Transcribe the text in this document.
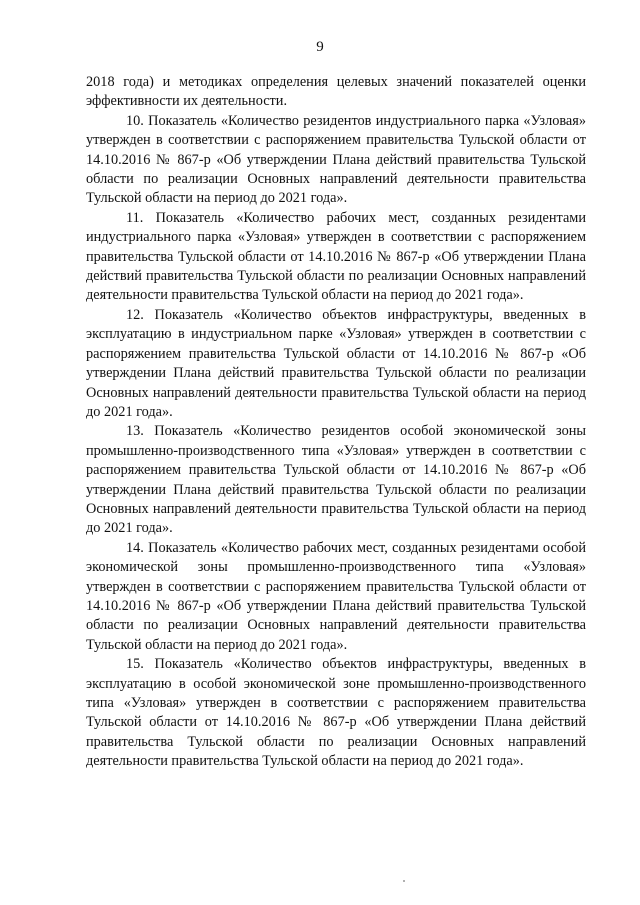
9

2018 года) и методиках определения целевых значений показателей оценки эффективности их деятельности.

10. Показатель «Количество резидентов индустриального парка «Узловая» утвержден в соответствии с распоряжением правительства Тульской области от 14.10.2016 № 867-р «Об утверждении Плана действий правительства Тульской области по реализации Основных направлений деятельности правительства Тульской области на период до 2021 года».

11. Показатель «Количество рабочих мест, созданных резидентами индустриального парка «Узловая» утвержден в соответствии с распоряжением правительства Тульской области от 14.10.2016 № 867-р «Об утверждении Плана действий правительства Тульской области по реализации Основных направлений деятельности правительства Тульской области на период до 2021 года».

12. Показатель «Количество объектов инфраструктуры, введенных в эксплуатацию в индустриальном парке «Узловая» утвержден в соответствии с распоряжением правительства Тульской области от 14.10.2016 № 867-р «Об утверждении Плана действий правительства Тульской области по реализации Основных направлений деятельности правительства Тульской области на период до 2021 года».

13. Показатель «Количество резидентов особой экономической зоны промышленно-производственного типа «Узловая» утвержден в соответствии с распоряжением правительства Тульской области от 14.10.2016 № 867-р «Об утверждении Плана действий правительства Тульской области по реализации Основных направлений деятельности правительства Тульской области на период до 2021 года».

14. Показатель «Количество рабочих мест, созданных резидентами особой экономической зоны промышленно-производственного типа «Узловая» утвержден в соответствии с распоряжением правительства Тульской области от 14.10.2016 № 867-р «Об утверждении Плана действий правительства Тульской области по реализации Основных направлений деятельности правительства Тульской области на период до 2021 года».

15. Показатель «Количество объектов инфраструктуры, введенных в эксплуатацию в особой экономической зоне промышленно-производственного типа «Узловая» утвержден в соответствии с распоряжением правительства Тульской области от 14.10.2016 № 867-р «Об утверждении Плана действий правительства Тульской области по реализации Основных направлений деятельности правительства Тульской области на период до 2021 года».
